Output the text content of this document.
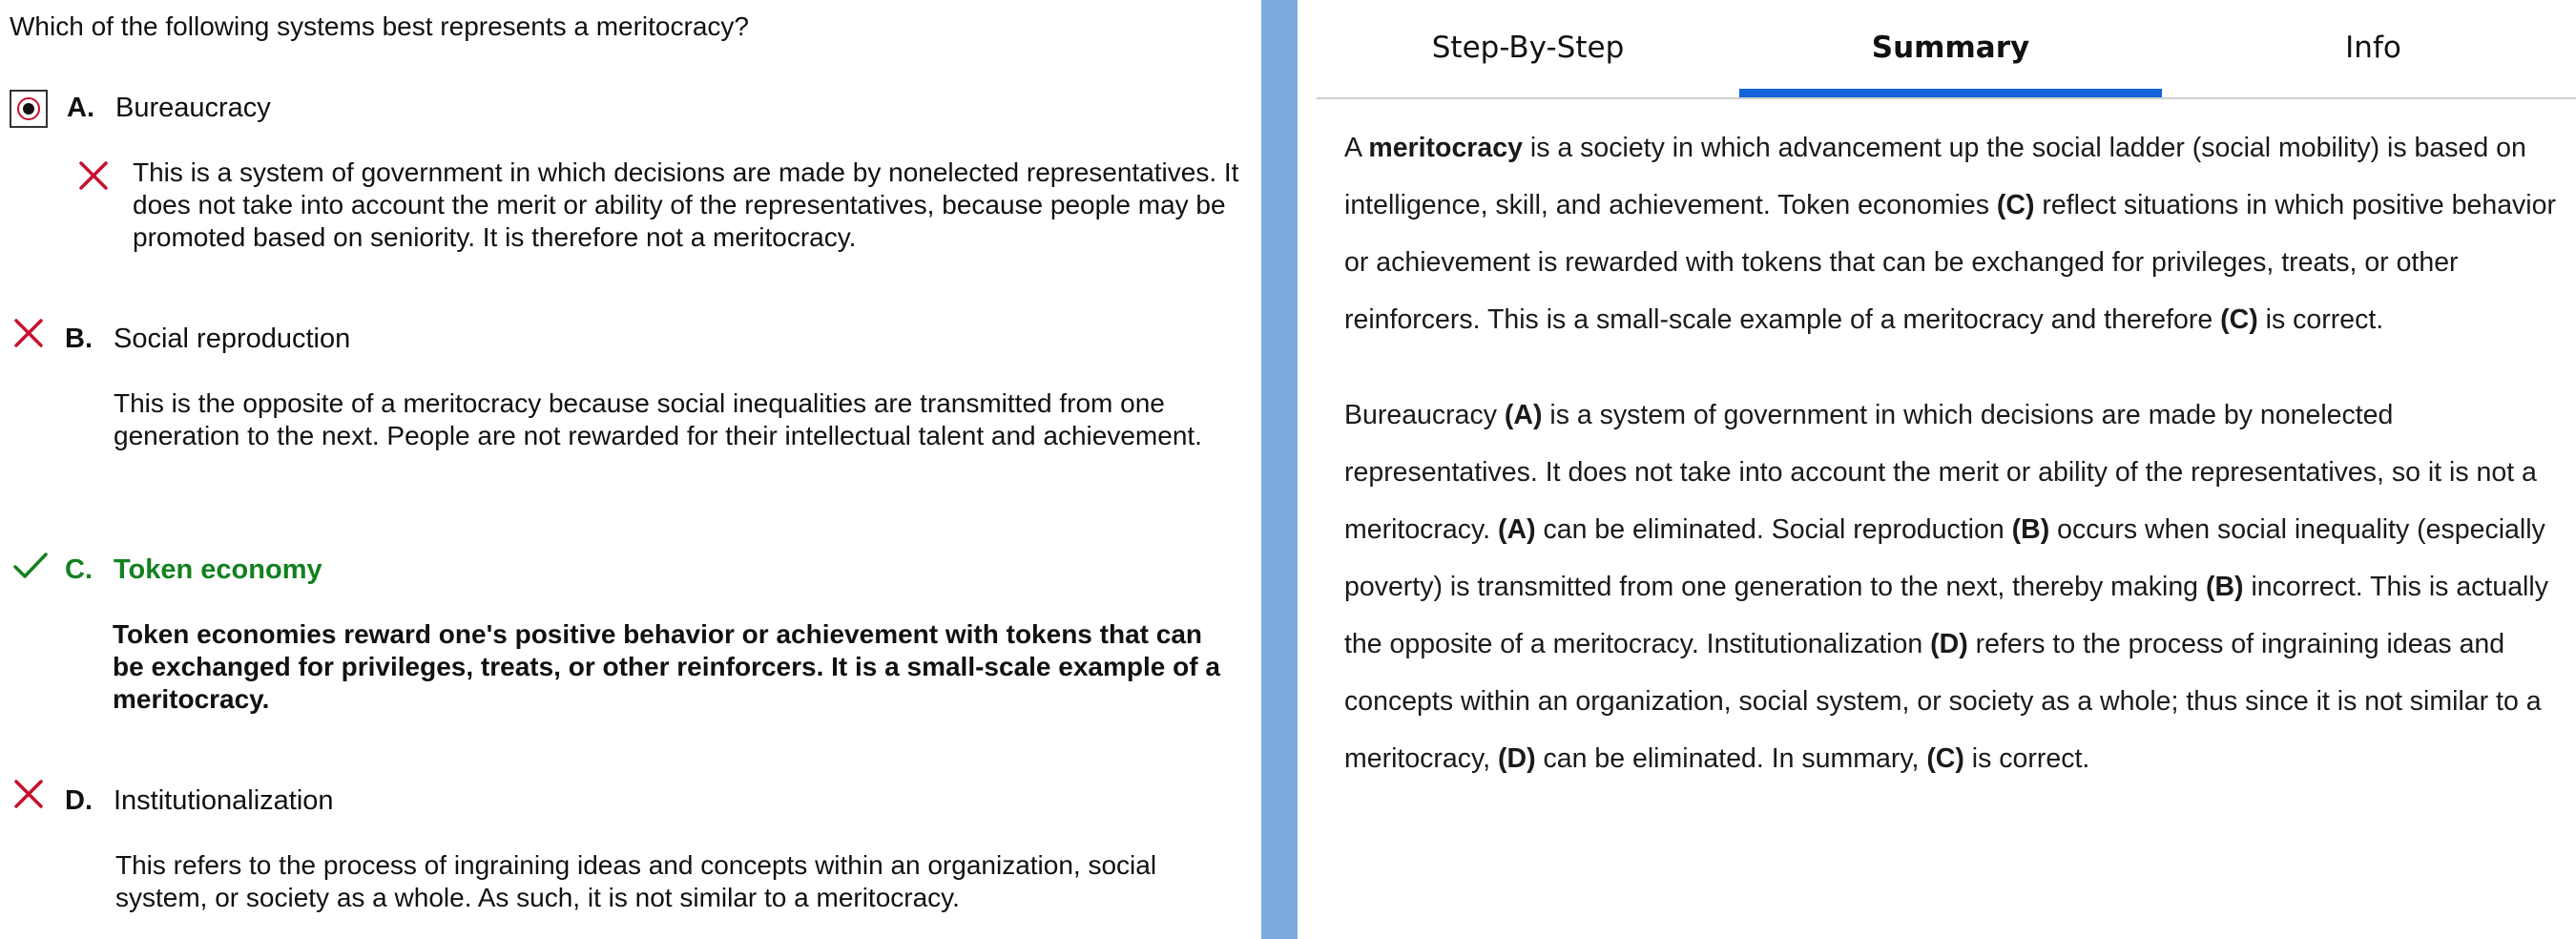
Which of the following systems best represents a meritocracy?
A. Bureaucracy

This is a system of government in which decisions are made by nonelected representatives. It does not take into account the merit or ability of the representatives, because people may be promoted based on seniority. It is therefore not a meritocracy.

B. Social reproduction

This is the opposite of a meritocracy because social inequalities are transmitted from one generation to the next. People are not rewarded for their intellectual talent and achievement.

C. Token economy

Token economies reward one's positive behavior or achievement with tokens that can be exchanged for privileges, treats, or other reinforcers. It is a small-scale example of a meritocracy.

D. Institutionalization

This refers to the process of ingraining ideas and concepts within an organization, social system, or society as a whole. As such, it is not similar to a meritocracy.

Step-By-Step	Summary	Info

A meritocracy is a society in which advancement up the social ladder (social mobility) is based on intelligence, skill, and achievement. Token economies (C) reflect situations in which positive behavior or achievement is rewarded with tokens that can be exchanged for privileges, treats, or other reinforcers. This is a small-scale example of a meritocracy and therefore (C) is correct.

Bureaucracy (A) is a system of government in which decisions are made by nonelected representatives. It does not take into account the merit or ability of the representatives, so it is not a meritocracy. (A) can be eliminated. Social reproduction (B) occurs when social inequality (especially poverty) is transmitted from one generation to the next, thereby making (B) incorrect. This is actually the opposite of a meritocracy. Institutionalization (D) refers to the process of ingraining ideas and concepts within an organization, social system, or society as a whole; thus since it is not similar to a meritocracy, (D) can be eliminated. In summary, (C) is correct.
